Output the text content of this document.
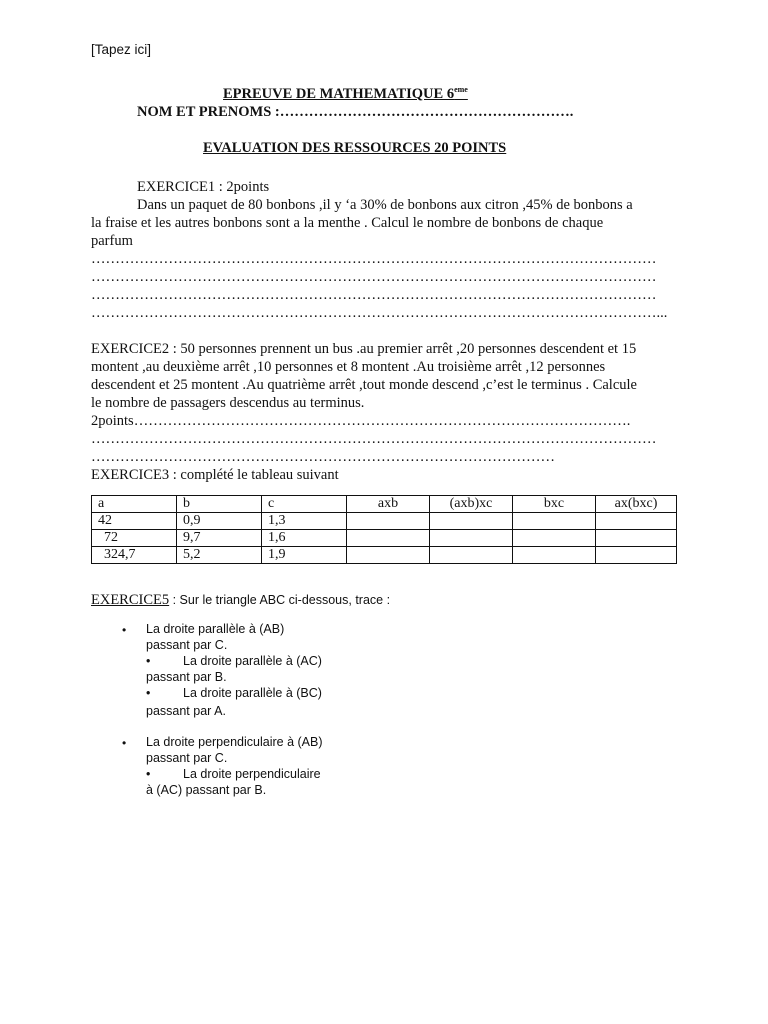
[Tapez ici]
EPREUVE DE MATHEMATIQUE 6eme
NOM ET PRENOMS :…………………………………………………….
EVALUATION DES RESSOURCES 20 POINTS
EXERCICE1 : 2points
Dans un paquet de 80 bonbons ,il y ‘a 30% de bonbons aux citron ,45% de bonbons a
la fraise et les autres bonbons sont a la menthe . Calcul le nombre de bonbons de chaque
parfum
………………………………………………………………………………………………………
………………………………………………………………………………………………………
………………………………………………………………………………………………………
………………………………………………………………………………………………………...
EXERCICE2 : 50 personnes prennent un bus .au premier arrêt ,20 personnes descendent et 15
montent ,au deuxième arrêt ,10 personnes et 8 montent .Au troisième arrêt ,12 personnes
descendent et 25 montent .Au quatrième arrêt ,tout monde descend ,c’est le terminus . Calcule
le nombre de passagers descendus au terminus.
2points………………………………………………………………………………………….
………………………………………………………………………………………………………
……………………………………………………………………………………
EXERCICE3 : complété le tableau suivant
a	b	c	axb	(axb)xc	bxc	ax(bxc)
42	0,9	1,3				
72	9,7	1,6				
324,7	5,2	1,9				
EXERCICE5 : Sur le triangle ABC ci-dessous, trace :
• La droite parallèle à (AB)
passant par C.
•	La droite parallèle à (AC)
passant par B.
•	La droite parallèle à (BC)
passant par A.
• La droite perpendiculaire à (AB)
passant par C.
•	La droite perpendiculaire
à (AC) passant par B.
